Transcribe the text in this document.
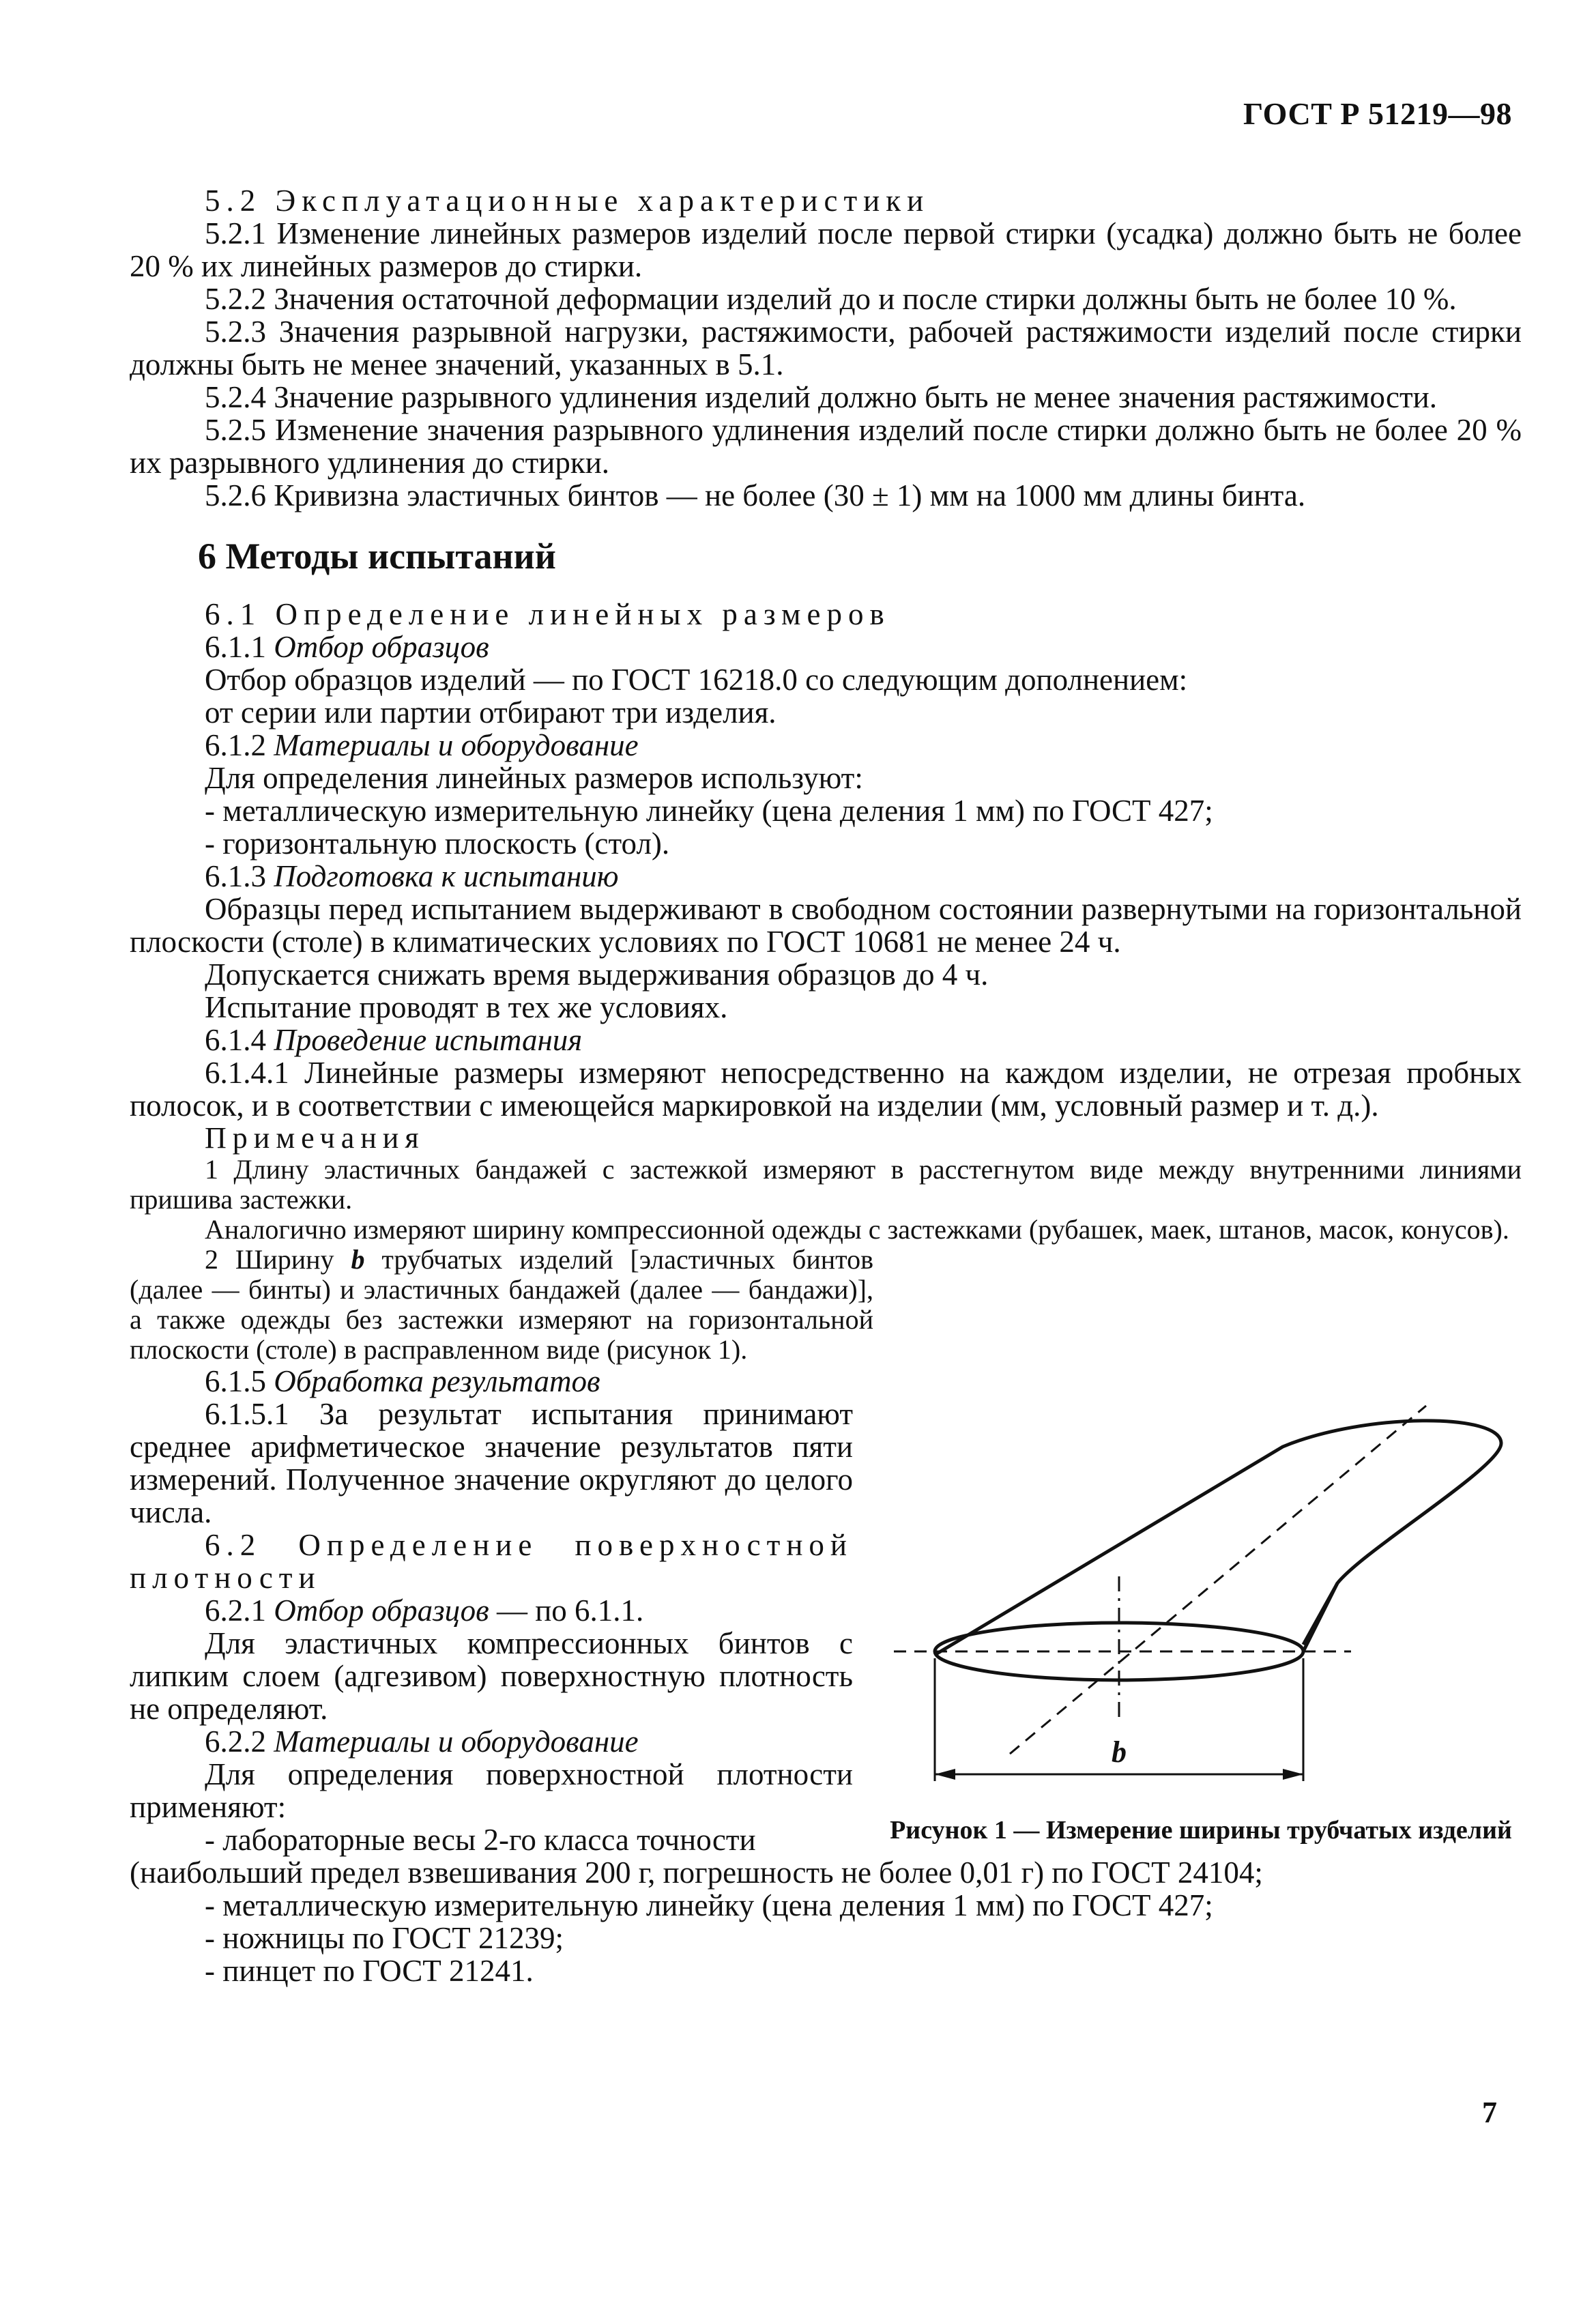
ГОСТ Р 51219—98

5.2 Эксплуатационные характеристики

5.2.1 Изменение линейных размеров изделий после первой стирки (усадка) должно быть не более 20 % их линейных размеров до стирки.

5.2.2 Значения остаточной деформации изделий до и после стирки должны быть не более 10 %.

5.2.3 Значения разрывной нагрузки, растяжимости, рабочей растяжимости изделий после стирки должны быть не менее значений, указанных в 5.1.

5.2.4 Значение разрывного удлинения изделий должно быть не менее значения растяжимости.

5.2.5 Изменение значения разрывного удлинения изделий после стирки должно быть не более 20 % их разрывного удлинения до стирки.

5.2.6 Кривизна эластичных бинтов — не более (30 ± 1) мм на 1000 мм длины бинта.

6 Методы испытаний

6.1 Определение линейных размеров

6.1.1 Отбор образцов

Отбор образцов изделий — по ГОСТ 16218.0 со следующим дополнением:

от серии или партии отбирают три изделия.

6.1.2 Материалы и оборудование

Для определения линейных размеров используют:

- металлическую измерительную линейку (цена деления 1 мм) по ГОСТ 427;

- горизонтальную плоскость (стол).

6.1.3 Подготовка к испытанию

Образцы перед испытанием выдерживают в свободном состоянии развернутыми на горизонтальной плоскости (столе) в климатических условиях по ГОСТ 10681 не менее 24 ч.

Допускается снижать время выдерживания образцов до 4 ч.

Испытание проводят в тех же условиях.

6.1.4 Проведение испытания

6.1.4.1 Линейные размеры измеряют непосредственно на каждом изделии, не отрезая пробных полосок, и в соответствии с имеющейся маркировкой на изделии (мм, условный размер и т. д.).

Примечания

1 Длину эластичных бандажей с застежкой измеряют в расстегнутом виде между внутренними линиями пришива застежки.

Аналогично измеряют ширину компрессионной одежды с застежками (рубашек, маек, штанов, масок, конусов).

2 Ширину b трубчатых изделий [эластичных бинтов (далее — бинты) и эластичных бандажей (далее — бандажи)], а также одежды без застежки измеряют на горизонтальной плоскости (столе) в расправленном виде (рисунок 1).

6.1.5 Обработка результатов

6.1.5.1 За результат испытания принимают среднее арифметическое значение результатов пяти измерений. Полученное значение округляют до целого числа.

6.2 Определение поверхностной плотности

6.2.1 Отбор образцов — по 6.1.1.

Для эластичных компрессионных бинтов с липким слоем (адгезивом) поверхностную плотность не определяют.

6.2.2 Материалы и оборудование

Для определения поверхностной плотности применяют:

- лабораторные весы 2-го класса точности

(наибольший предел взвешивания 200 г, погрешность не более 0,01 г) по ГОСТ 24104;

- металлическую измерительную линейку (цена деления 1 мм) по ГОСТ 427;

- ножницы по ГОСТ 21239;

- пинцет по ГОСТ 21241.

b
Рисунок 1 — Измерение ширины трубчатых изделий
7
